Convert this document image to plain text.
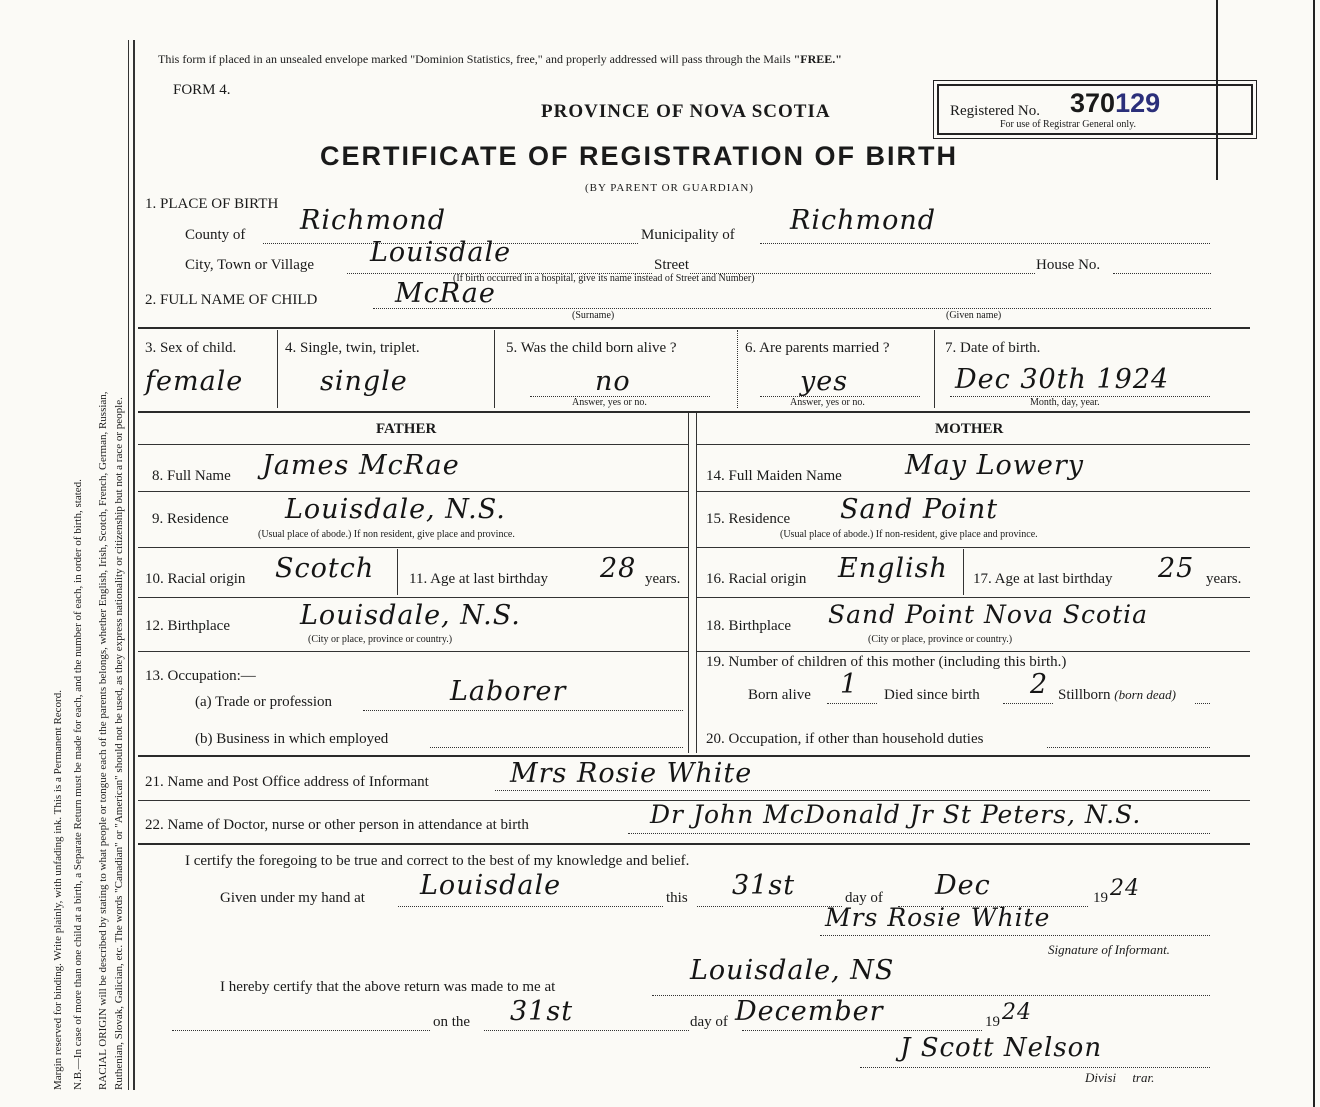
Margin reserved for binding. Write plainly, with unfading ink. This is a Permanent Record. N.B.—In case of more than one child at a birth, a Separate Return must be made for each, and the number of each, in order of birth, stated. RACIAL ORIGIN will be described by stating to what people or tongue each of the parents belongs, whether English, Irish, Scotch, French, German, Russian, Ruthenian, Slovak, Galician, etc. The words "Canadian" or "American" should not be used, as they express nationality or citizenship but not a race or people.
This form if placed in an unsealed envelope marked "Dominion Statistics, free," and properly addressed will pass through the Mails "FREE."
FORM 4.
PROVINCE OF NOVA SCOTIA
CERTIFICATE OF REGISTRATION OF BIRTH
(BY PARENT OR GUARDIAN)
Registered No. 370129
For use of Registrar General only.
1. PLACE OF BIRTH
County of Richmond	Municipality of Richmond
City, Town or Village Louisdale	Street	House No.
(If birth occurred in a hospital, give its name instead of Street and Number)
2. FULL NAME OF CHILD	McRae
(Surname)	(Given name)
3. Sex of child.
female
4. Single, twin, triplet.
single
5. Was the child born alive ?
no
Answer, yes or no.
6. Are parents married ?
yes
Answer, yes or no.
7. Date of birth.
Dec 30th 1924
Month, day, year.
FATHER	MOTHER
8. Full Name James McRae
9. Residence Louisdale, N.S.
(Usual place of abode.) If non resident, give place and province.
10. Racial origin Scotch 11. Age at last birthday 28 years.
12. Birthplace	Louisdale, N.S.
(City or place, province or country.)
13. Occupation:—
(a) Trade or profession	Laborer
(b) Business in which employed
14. Full Maiden Name May Lowery
15. Residence Sand Point
(Usual place of abode.) If non-resident, give place and province.
16. Racial origin English 17. Age at last birthday 25 years.
18. Birthplace Sand Point Nova Scotia
(City or place, province or country.)
19. Number of children of this mother (including this birth.)
Born alive 1 Died since birth 2 Stillborn (born dead)
20. Occupation, if other than household duties
21. Name and Post Office address of Informant	Mrs Rosie White
22. Name of Doctor, nurse or other person in attendance at birth	Dr John McDonald Jr St Peters, N.S.
I certify the foregoing to be true and correct to the best of my knowledge and belief.
Given under my hand at Louisdale	this 31st	day of Dec	19 24
Mrs Rosie White
Signature of Informant.
I hereby certify that the above return was made to me at
Louisdale, NS
on the 31st	day of December	19 24
J Scott Nelson
Divisi trar.
